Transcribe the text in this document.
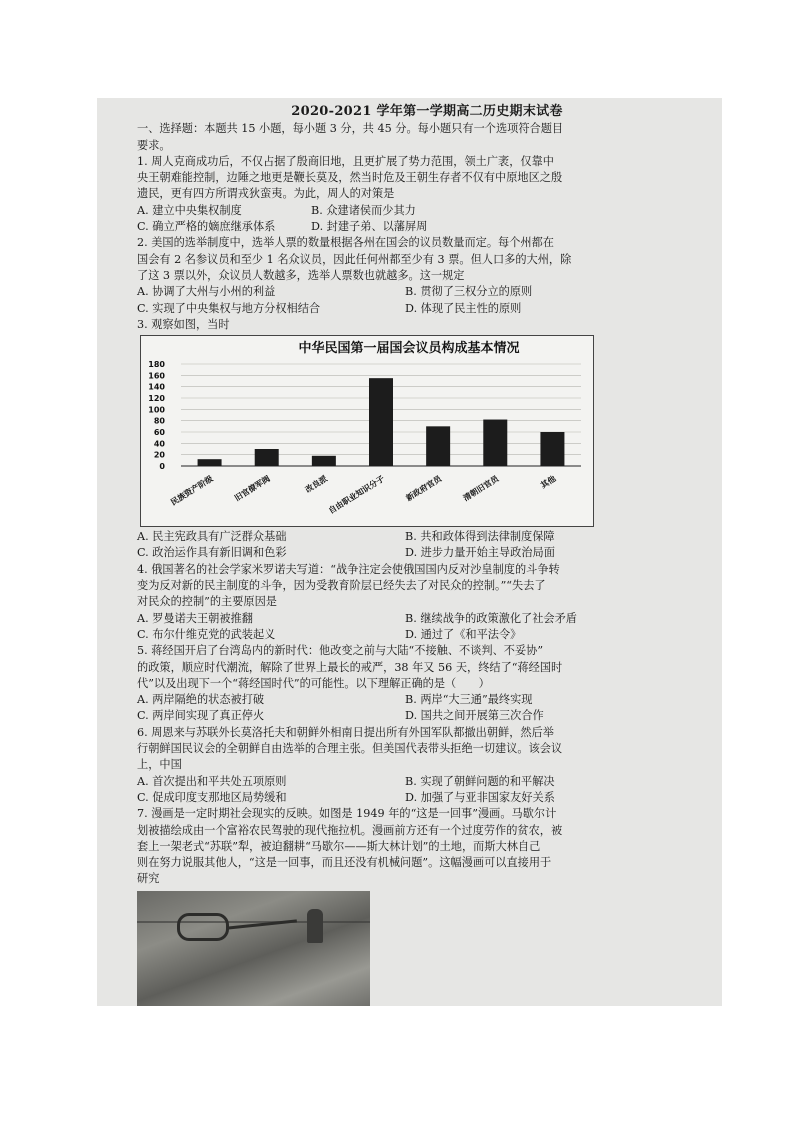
2020-2021 学年第一学期高二历史期末试卷
一、选择题：本题共 15 小题，每小题 3 分，共 45 分。每小题只有一个选项符合题目
要求。
1. 周人克商成功后，不仅占据了殷商旧地，且更扩展了势力范围，领土广袤，仅靠中
央王朝难能控制，边陲之地更是鞭长莫及，然当时危及王朝生存者不仅有中原地区之殷
遗民，更有四方所谓戎狄蛮夷。为此，周人的对策是
A. 建立中央集权制度	B. 众建诸侯而少其力
C. 确立严格的嫡庶继承体系	D. 封建子弟、以藩屏周
2. 美国的选举制度中，选举人票的数量根据各州在国会的议员数量而定。每个州都在
国会有 2 名参议员和至少 1 名众议员，因此任何州都至少有 3 票。但人口多的大州，除
了这 3 票以外，众议员人数越多，选举人票数也就越多。这一规定
A. 协调了大州与小州的利益	B. 贯彻了三权分立的原则
C. 实现了中央集权与地方分权相结合	D. 体现了民主性的原则
3. 观察如图，当时
中华民国第一届国会议员构成基本情况
0
20
40
60
80
100
120
140
160
180
民族资产阶级 旧官僚军阀	改良派
自由职业知识分子 新政府官员 清朝旧官员	其他
A. 民主宪政具有广泛群众基础	B. 共和政体得到法律制度保障
C. 政治运作具有新旧调和色彩	D. 进步力量开始主导政治局面
4. 俄国著名的社会学家米罗诺夫写道：“战争注定会使俄国国内反对沙皇制度的斗争转
变为反对新的民主制度的斗争，因为受教育阶层已经失去了对民众的控制。”“失去了
对民众的控制”的主要原因是
A. 罗曼诺夫王朝被推翻	B. 继续战争的政策激化了社会矛盾
C. 布尔什维克党的武装起义	D. 通过了《和平法令》
5. 蒋经国开启了台湾岛内的新时代：他改变之前与大陆“不接触、不谈判、不妥协”
的政策，顺应时代潮流，解除了世界上最长的戒严，38 年又 56 天，终结了“蒋经国时
代”以及出现下一个“蒋经国时代”的可能性。以下理解正确的是（　　）
A. 两岸隔绝的状态被打破	B. 两岸“大三通”最终实现
C. 两岸间实现了真正停火	D. 国共之间开展第三次合作
6. 周恩来与苏联外长莫洛托夫和朝鲜外相南日提出所有外国军队都撤出朝鲜，然后举
行朝鲜国民议会的全朝鲜自由选举的合理主张。但美国代表带头拒绝一切建议。该会议
上，中国
A. 首次提出和平共处五项原则	B. 实现了朝鲜问题的和平解决
C. 促成印度支那地区局势缓和	D. 加强了与亚非国家友好关系
7. 漫画是一定时期社会现实的反映。如图是 1949 年的“这是一回事”漫画。马歇尔计
划被描绘成由一个富裕农民驾驶的现代拖拉机。漫画前方还有一个过度劳作的贫农，被
套上一架老式“苏联”犁，被迫翻耕“马歇尔——斯大林计划”的土地，而斯大林自己
则在努力说服其他人，“这是一回事，而且还没有机械问题”。这幅漫画可以直接用于
研究
